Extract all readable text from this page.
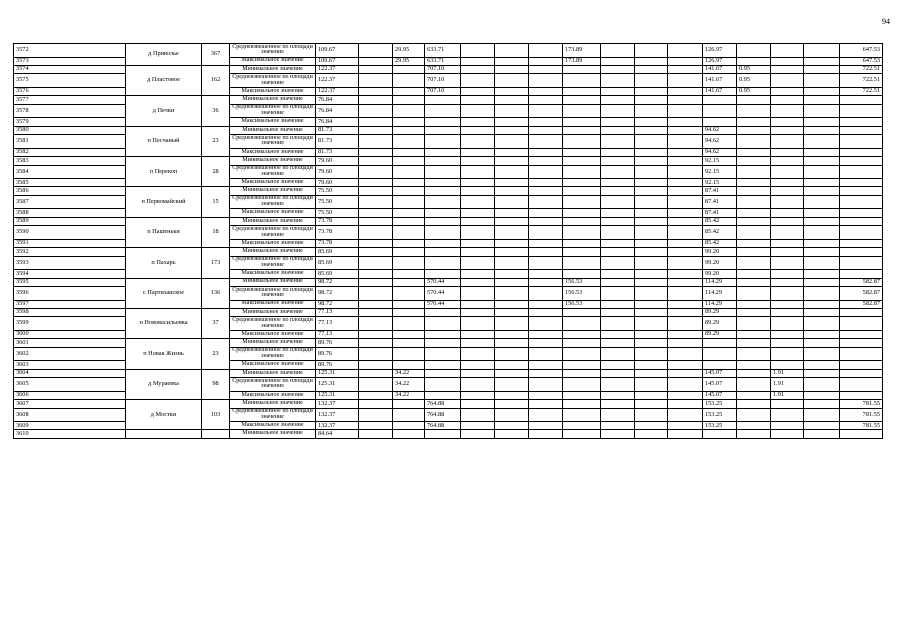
94
3572	д Приволье	367	Средневзвешенное по площади значение	109.67		29.95	633.71				173.89				126.97				647.53
3573			Максимальное значение	109.67		29.95	633.71				173.89				126.97				647.53
3574	д Пластовое	162	Минимальное значение	122.37			707.10								141.67	0.95			722.51
3575			Средневзвешенное по площади значение	122.37			707.10								141.67	0.95			722.51
3576			Максимальное значение	122.37			707.10								141.67	0.95			722.51
3577	д Печки	36	Минимальное значение	76.84															
3578			Средневзвешенное по площади значение	76.84															
3579			Максимальное значение	76.84															
3580	п Песчаный	23	Минимальное значение	81.73											94.62				
3581			Средневзвешенное по площади значение	81.73											94.62				
3582			Максимальное значение	81.73											94.62				
3583	п Перекоп	28	Минимальное значение	79.60											92.15				
3584			Средневзвешенное по площади значение	79.60											92.15				
3585			Максимальное значение	79.60											92.15				
3586	п Первомайский	15	Минимальное значение	75.50											87.41				
3587			Средневзвешенное по площади значение	75.50											87.41				
3588			Максимальное значение	75.50											87.41				
3589	п Пашеньки	18	Минимальное значение	73.78											85.42				
3590			Средневзвешенное по площади значение	73.78											85.42				
3591			Максимальное значение	73.78											85.42				
3592	п Пахарь	173	Минимальное значение	85.69											99.20				
3593			Средневзвешенное по площади значение	85.69											99.20				
3594			Максимальное значение	85.69											99.20				
3595	с Партизанское	136	Минимальное значение	98.72			570.44				156.53				114.29				582.87
3596			Средневзвешенное по площади значение	98.72			570.44				156.53				114.29				582.87
3597			Максимальное значение	98.72			570.44				156.53				114.29				582.87
3598	п Нововасильевка	37	Минимальное значение	77.13											89.29				
3599			Средневзвешенное по площади значение	77.13											89.29				
3600			Максимальное значение	77.13											89.29				
3601	п Новая Жизнь	23	Минимальное значение	89.76															
3602			Средневзвешенное по площади значение	89.76															
3603			Максимальное значение	89.76															
3604	д Мураевка	98	Минимальное значение	125.31		34.22									145.07		1.91		
3605			Средневзвешенное по площади значение	125.31		34.22									145.07		1.91		
3606			Максимальное значение	125.31		34.22									145.07		1.91		
3607	д Мостки	103	Минимальное значение	132.37			764.88								153.25				781.55
3608			Средневзвешенное по площади значение	132.37			764.88								153.25				781.55
3609			Максимальное значение	132.37			764.88								153.25				781.55
3610			Минимальное значение	84.64															
